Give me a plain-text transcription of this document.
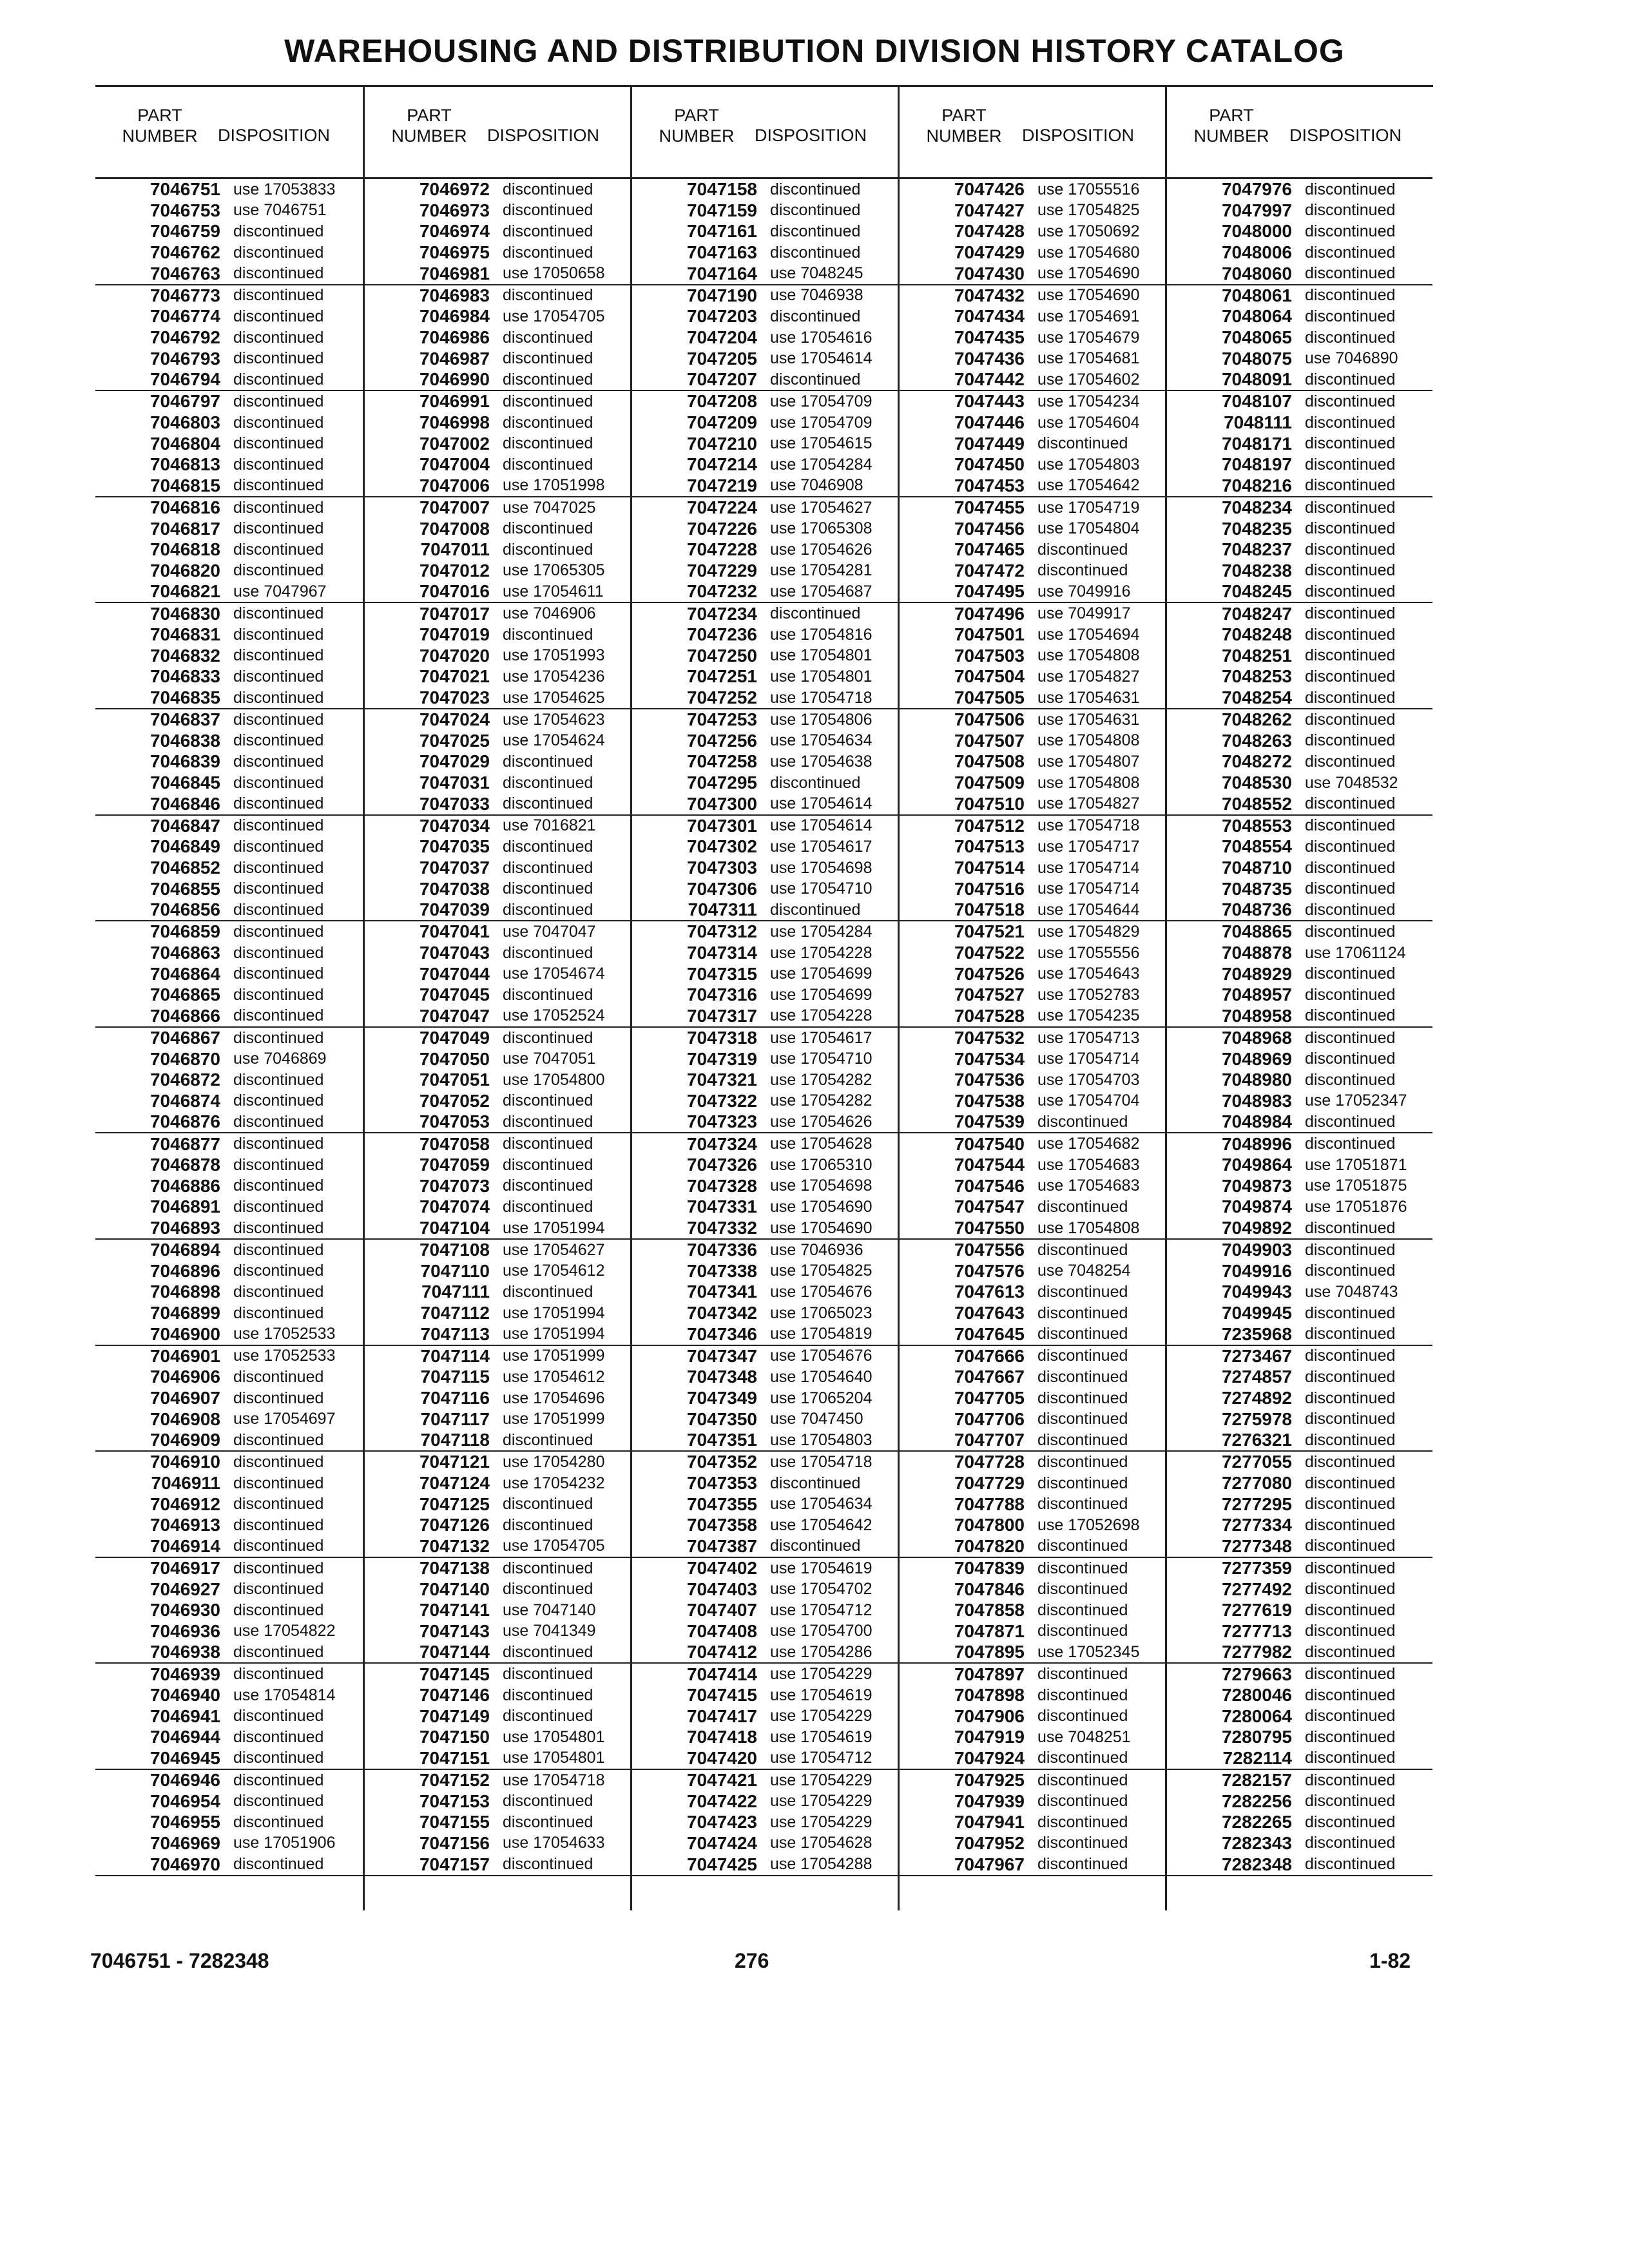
WAREHOUSING AND DISTRIBUTION DIVISION HISTORY CATALOG
PART
NUMBER	DISPOSITION
7046751 use 17053833
7046753 use 7046751
7046759 discontinued
7046762 discontinued
7046763 discontinued
7046773 discontinued
7046774 discontinued
7046792 discontinued
7046793 discontinued
7046794 discontinued
7046797 discontinued
7046803 discontinued
7046804 discontinued
7046813 discontinued
7046815 discontinued
7046816 discontinued
7046817 discontinued
7046818 discontinued
7046820 discontinued
7046821 use 7047967
7046830 discontinued
7046831 discontinued
7046832 discontinued
7046833 discontinued
7046835 discontinued
7046837 discontinued
7046838 discontinued
7046839 discontinued
7046845 discontinued
7046846 discontinued
7046847 discontinued
7046849 discontinued
7046852 discontinued
7046855 discontinued
7046856 discontinued
7046859 discontinued
7046863 discontinued
7046864 discontinued
7046865 discontinued
7046866 discontinued
7046867 discontinued
7046870 use 7046869
7046872 discontinued
7046874 discontinued
7046876 discontinued
7046877 discontinued
7046878 discontinued
7046886 discontinued
7046891 discontinued
7046893 discontinued
7046894 discontinued
7046896 discontinued
7046898 discontinued
7046899 discontinued
7046900 use 17052533
7046901 use 17052533
7046906 discontinued
7046907 discontinued
7046908 use 17054697
7046909 discontinued
7046910 discontinued
7046911 discontinued
7046912 discontinued
7046913 discontinued
7046914 discontinued
7046917 discontinued
7046927 discontinued
7046930 discontinued
7046936 use 17054822
7046938 discontinued
7046939 discontinued
7046940 use 17054814
7046941 discontinued
7046944 discontinued
7046945 discontinued
7046946 discontinued
7046954 discontinued
7046955 discontinued
7046969 use 17051906
7046970 discontinued
PART
NUMBER	DISPOSITION
7046972 discontinued
7046973 discontinued
7046974 discontinued
7046975 discontinued
7046981 use 17050658
7046983 discontinued
7046984 use 17054705
7046986 discontinued
7046987 discontinued
7046990 discontinued
7046991 discontinued
7046998 discontinued
7047002 discontinued
7047004 discontinued
7047006 use 17051998
7047007 use 7047025
7047008 discontinued
7047011 discontinued
7047012 use 17065305
7047016 use 17054611
7047017 use 7046906
7047019 discontinued
7047020 use 17051993
7047021 use 17054236
7047023 use 17054625
7047024 use 17054623
7047025 use 17054624
7047029 discontinued
7047031 discontinued
7047033 discontinued
7047034 use 7016821
7047035 discontinued
7047037 discontinued
7047038 discontinued
7047039 discontinued
7047041 use 7047047
7047043 discontinued
7047044 use 17054674
7047045 discontinued
7047047 use 17052524
7047049 discontinued
7047050 use 7047051
7047051 use 17054800
7047052 discontinued
7047053 discontinued
7047058 discontinued
7047059 discontinued
7047073 discontinued
7047074 discontinued
7047104 use 17051994
7047108 use 17054627
7047110 use 17054612
7047111 discontinued
7047112 use 17051994
7047113 use 17051994
7047114 use 17051999
7047115 use 17054612
7047116 use 17054696
7047117 use 17051999
7047118 discontinued
7047121 use 17054280
7047124 use 17054232
7047125 discontinued
7047126 discontinued
7047132 use 17054705
7047138 discontinued
7047140 discontinued
7047141 use 7047140
7047143 use 7041349
7047144 discontinued
7047145 discontinued
7047146 discontinued
7047149 discontinued
7047150 use 17054801
7047151 use 17054801
7047152 use 17054718
7047153 discontinued
7047155 discontinued
7047156 use 17054633
7047157 discontinued
PART
NUMBER	DISPOSITION
7047158 discontinued
7047159 discontinued
7047161 discontinued
7047163 discontinued
7047164 use 7048245
7047190 use 7046938
7047203 discontinued
7047204 use 17054616
7047205 use 17054614
7047207 discontinued
7047208 use 17054709
7047209 use 17054709
7047210 use 17054615
7047214 use 17054284
7047219 use 7046908
7047224 use 17054627
7047226 use 17065308
7047228 use 17054626
7047229 use 17054281
7047232 use 17054687
7047234 discontinued
7047236 use 17054816
7047250 use 17054801
7047251 use 17054801
7047252 use 17054718
7047253 use 17054806
7047256 use 17054634
7047258 use 17054638
7047295 discontinued
7047300 use 17054614
7047301 use 17054614
7047302 use 17054617
7047303 use 17054698
7047306 use 17054710
7047311 discontinued
7047312 use 17054284
7047314 use 17054228
7047315 use 17054699
7047316 use 17054699
7047317 use 17054228
7047318 use 17054617
7047319 use 17054710
7047321 use 17054282
7047322 use 17054282
7047323 use 17054626
7047324 use 17054628
7047326 use 17065310
7047328 use 17054698
7047331 use 17054690
7047332 use 17054690
7047336 use 7046936
7047338 use 17054825
7047341 use 17054676
7047342 use 17065023
7047346 use 17054819
7047347 use 17054676
7047348 use 17054640
7047349 use 17065204
7047350 use 7047450
7047351 use 17054803
7047352 use 17054718
7047353 discontinued
7047355 use 17054634
7047358 use 17054642
7047387 discontinued
7047402 use 17054619
7047403 use 17054702
7047407 use 17054712
7047408 use 17054700
7047412 use 17054286
7047414 use 17054229
7047415 use 17054619
7047417 use 17054229
7047418 use 17054619
7047420 use 17054712
7047421 use 17054229
7047422 use 17054229
7047423 use 17054229
7047424 use 17054628
7047425 use 17054288
PART
NUMBER	DISPOSITION
7047426 use 17055516
7047427 use 17054825
7047428 use 17050692
7047429 use 17054680
7047430 use 17054690
7047432 use 17054690
7047434 use 17054691
7047435 use 17054679
7047436 use 17054681
7047442 use 17054602
7047443 use 17054234
7047446 use 17054604
7047449 discontinued
7047450 use 17054803
7047453 use 17054642
7047455 use 17054719
7047456 use 17054804
7047465 discontinued
7047472 discontinued
7047495 use 7049916
7047496 use 7049917
7047501 use 17054694
7047503 use 17054808
7047504 use 17054827
7047505 use 17054631
7047506 use 17054631
7047507 use 17054808
7047508 use 17054807
7047509 use 17054808
7047510 use 17054827
7047512 use 17054718
7047513 use 17054717
7047514 use 17054714
7047516 use 17054714
7047518 use 17054644
7047521 use 17054829
7047522 use 17055556
7047526 use 17054643
7047527 use 17052783
7047528 use 17054235
7047532 use 17054713
7047534 use 17054714
7047536 use 17054703
7047538 use 17054704
7047539 discontinued
7047540 use 17054682
7047544 use 17054683
7047546 use 17054683
7047547 discontinued
7047550 use 17054808
7047556 discontinued
7047576 use 7048254
7047613 discontinued
7047643 discontinued
7047645 discontinued
7047666 discontinued
7047667 discontinued
7047705 discontinued
7047706 discontinued
7047707 discontinued
7047728 discontinued
7047729 discontinued
7047788 discontinued
7047800 use 17052698
7047820 discontinued
7047839 discontinued
7047846 discontinued
7047858 discontinued
7047871 discontinued
7047895 use 17052345
7047897 discontinued
7047898 discontinued
7047906 discontinued
7047919 use 7048251
7047924 discontinued
7047925 discontinued
7047939 discontinued
7047941 discontinued
7047952 discontinued
7047967 discontinued
PART
NUMBER	DISPOSITION
7047976 discontinued
7047997 discontinued
7048000 discontinued
7048006 discontinued
7048060 discontinued
7048061 discontinued
7048064 discontinued
7048065 discontinued
7048075 use 7046890
7048091 discontinued
7048107 discontinued
7048111 discontinued
7048171 discontinued
7048197 discontinued
7048216 discontinued
7048234 discontinued
7048235 discontinued
7048237 discontinued
7048238 discontinued
7048245 discontinued
7048247 discontinued
7048248 discontinued
7048251 discontinued
7048253 discontinued
7048254 discontinued
7048262 discontinued
7048263 discontinued
7048272 discontinued
7048530 use 7048532
7048552 discontinued
7048553 discontinued
7048554 discontinued
7048710 discontinued
7048735 discontinued
7048736 discontinued
7048865 discontinued
7048878 use 17061124
7048929 discontinued
7048957 discontinued
7048958 discontinued
7048968 discontinued
7048969 discontinued
7048980 discontinued
7048983 use 17052347
7048984 discontinued
7048996 discontinued
7049864 use 17051871
7049873 use 17051875
7049874 use 17051876
7049892 discontinued
7049903 discontinued
7049916 discontinued
7049943 use 7048743
7049945 discontinued
7235968 discontinued
7273467 discontinued
7274857 discontinued
7274892 discontinued
7275978 discontinued
7276321 discontinued
7277055 discontinued
7277080 discontinued
7277295 discontinued
7277334 discontinued
7277348 discontinued
7277359 discontinued
7277492 discontinued
7277619 discontinued
7277713 discontinued
7277982 discontinued
7279663 discontinued
7280046 discontinued
7280064 discontinued
7280795 discontinued
7282114 discontinued
7282157 discontinued
7282256 discontinued
7282265 discontinued
7282343 discontinued
7282348 discontinued
7046751 - 7282348	276	1-82
